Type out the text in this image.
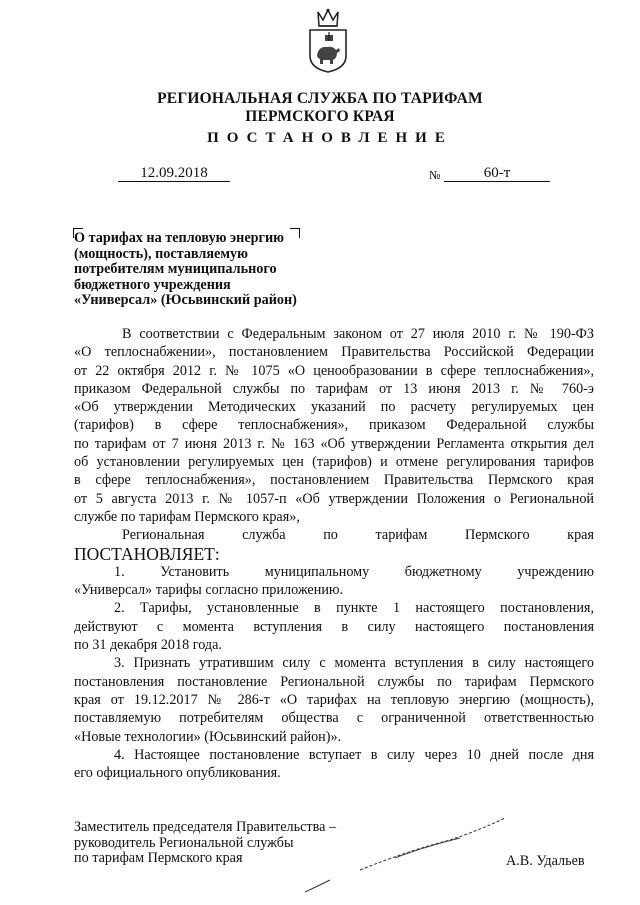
РЕГИОНАЛЬНАЯ СЛУЖБА ПО ТАРИФАМ
ПЕРМСКОГО КРАЯ
ПОСТАНОВЛЕНИЕ
12.09.2018	№	60-т
О тарифах на тепловую энергию
(мощность), поставляемую
потребителям муниципального
бюджетного учреждения
«Универсал» (Юсьвинский район)
В соответствии с Федеральным законом от 27 июля 2010 г. № 190-ФЗ
«О теплоснабжении», постановлением Правительства Российской Федерации
от 22 октября 2012 г. № 1075 «О ценообразовании в сфере теплоснабжения»,
приказом Федеральной службы по тарифам от 13 июня 2013 г. № 760-э
«Об утверждении Методических указаний по расчету регулируемых цен
(тарифов) в сфере теплоснабжения», приказом Федеральной службы
по тарифам от 7 июня 2013 г. № 163 «Об утверждении Регламента открытия дел
об установлении регулируемых цен (тарифов) и отмене регулирования тарифов
в сфере теплоснабжения», постановлением Правительства Пермского края
от 5 августа 2013 г. № 1057-п «Об утверждении Положения о Региональной
службе по тарифам Пермского края»,
Региональная служба по тарифам Пермского края
ПОСТАНОВЛЯЕТ:
1. Установить муниципальному бюджетному учреждению
«Универсал» тарифы согласно приложению.
2. Тарифы, установленные в пункте 1 настоящего постановления,
действуют с момента вступления в силу настоящего постановления
по 31 декабря 2018 года.
3. Признать утратившим силу с момента вступления в силу настоящего
постановления постановление Региональной службы по тарифам Пермского
края от 19.12.2017 № 286-т «О тарифах на тепловую энергию (мощность),
поставляемую потребителям общества с ограниченной ответственностью
«Новые технологии» (Юсьвинский район)».
4. Настоящее постановление вступает в силу через 10 дней после дня
его официального опубликования.
Заместитель председателя Правительства –
руководитель Региональной службы
по тарифам Пермского края	А.В. Удальев
